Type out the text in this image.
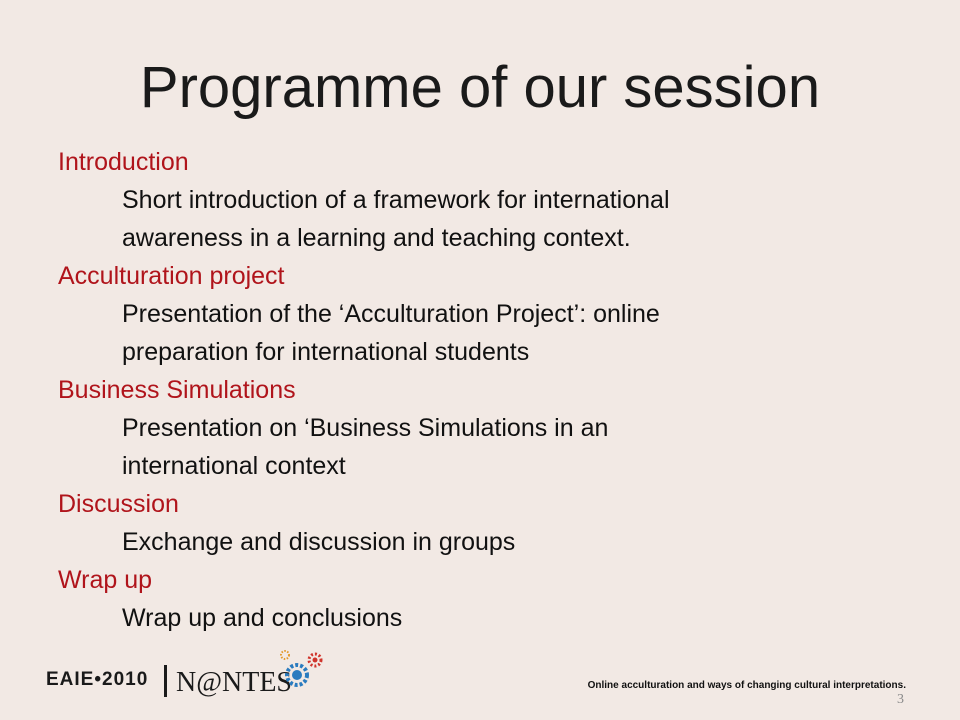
Programme of our session
Introduction
Short introduction of a framework for international
awareness in a learning and teaching context.
Acculturation project
Presentation of the ‘Acculturation Project’: online
preparation for international students
Business Simulations
Presentation on ‘Business Simulations in an
international context
Discussion
Exchange and discussion in groups
Wrap up
Wrap up and conclusions
EAIE•2010 N@NTES	Online acculturation and ways of changing cultural interpretations.
3
